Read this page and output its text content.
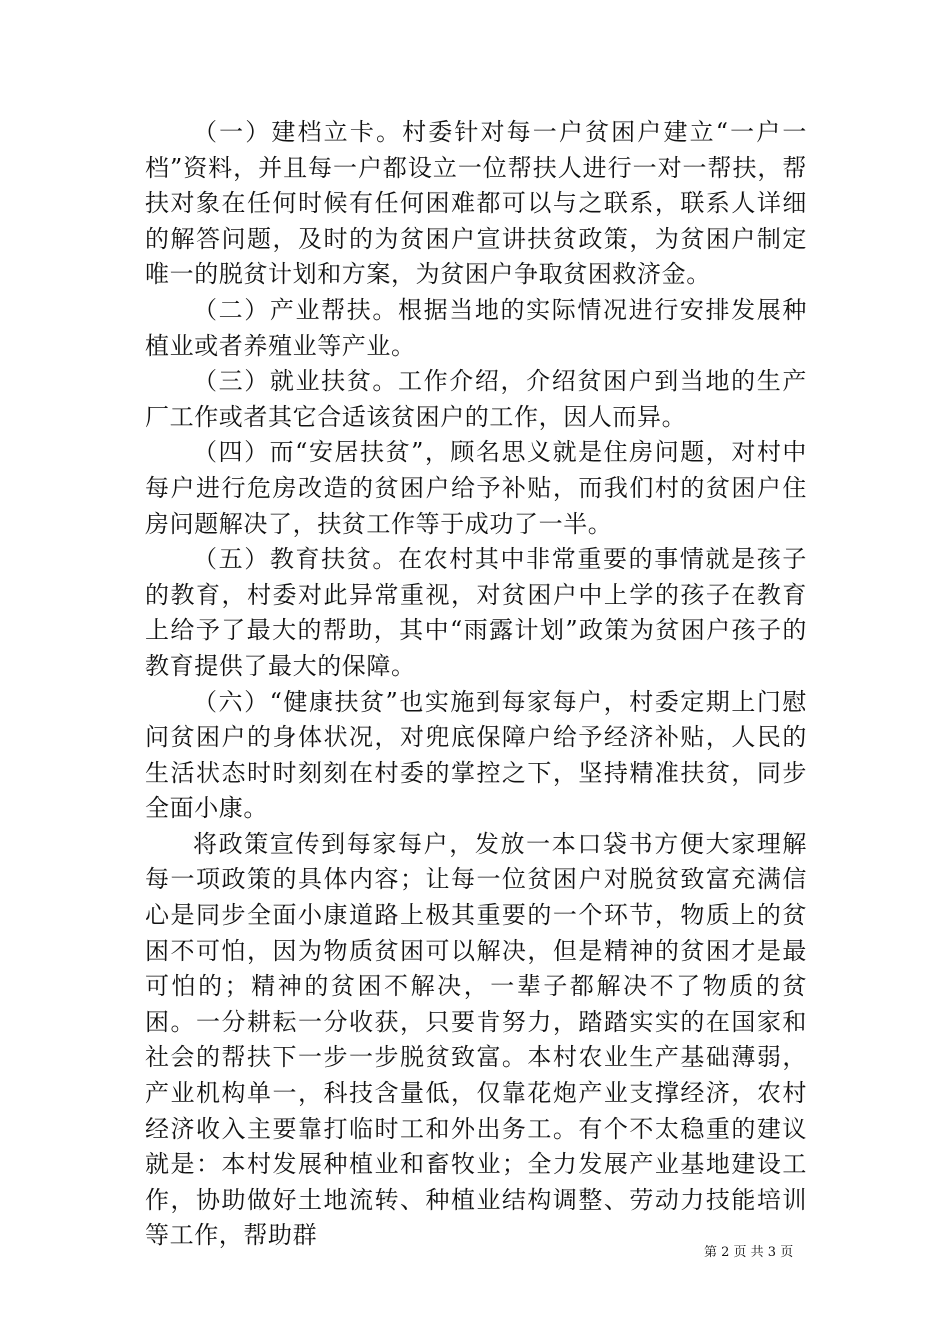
（一）建档立卡。村委针对每一户贫困户建立“一户一档”资料，并且每一户都设立一位帮扶人进行一对一帮扶，帮扶对象在任何时候有任何困难都可以与之联系，联系人详细的解答问题，及时的为贫困户宣讲扶贫政策，为贫困户制定唯一的脱贫计划和方案，为贫困户争取贫困救济金。

（二）产业帮扶。根据当地的实际情况进行安排发展种植业或者养殖业等产业。

（三）就业扶贫。工作介绍，介绍贫困户到当地的生产厂工作或者其它合适该贫困户的工作，因人而异。

（四）而“安居扶贫”，顾名思义就是住房问题，对村中每户进行危房改造的贫困户给予补贴，而我们村的贫困户住房问题解决了，扶贫工作等于成功了一半。

（五）教育扶贫。在农村其中非常重要的事情就是孩子的教育，村委对此异常重视，对贫困户中上学的孩子在教育上给予了最大的帮助，其中“雨露计划”政策为贫困户孩子的教育提供了最大的保障。

（六）“健康扶贫”也实施到每家每户，村委定期上门慰问贫困户的身体状况，对兜底保障户给予经济补贴，人民的生活状态时时刻刻在村委的掌控之下，坚持精准扶贫，同步全面小康。

将政策宣传到每家每户，发放一本口袋书方便大家理解每一项政策的具体内容；让每一位贫困户对脱贫致富充满信心是同步全面小康道路上极其重要的一个环节，物质上的贫困不可怕，因为物质贫困可以解决，但是精神的贫困才是最可怕的；精神的贫困不解决，一辈子都解决不了物质的贫困。一分耕耘一分收获，只要肯努力，踏踏实实的在国家和社会的帮扶下一步一步脱贫致富。本村农业生产基础薄弱，产业机构单一，科技含量低，仅靠花炮产业支撑经济，农村经济收入主要靠打临时工和外出务工。有个不太稳重的建议就是：本村发展种植业和畜牧业；全力发展产业基地建设工作，协助做好土地流转、种植业结构调整、劳动力技能培训等工作，帮助群

第 2 页 共 3 页
